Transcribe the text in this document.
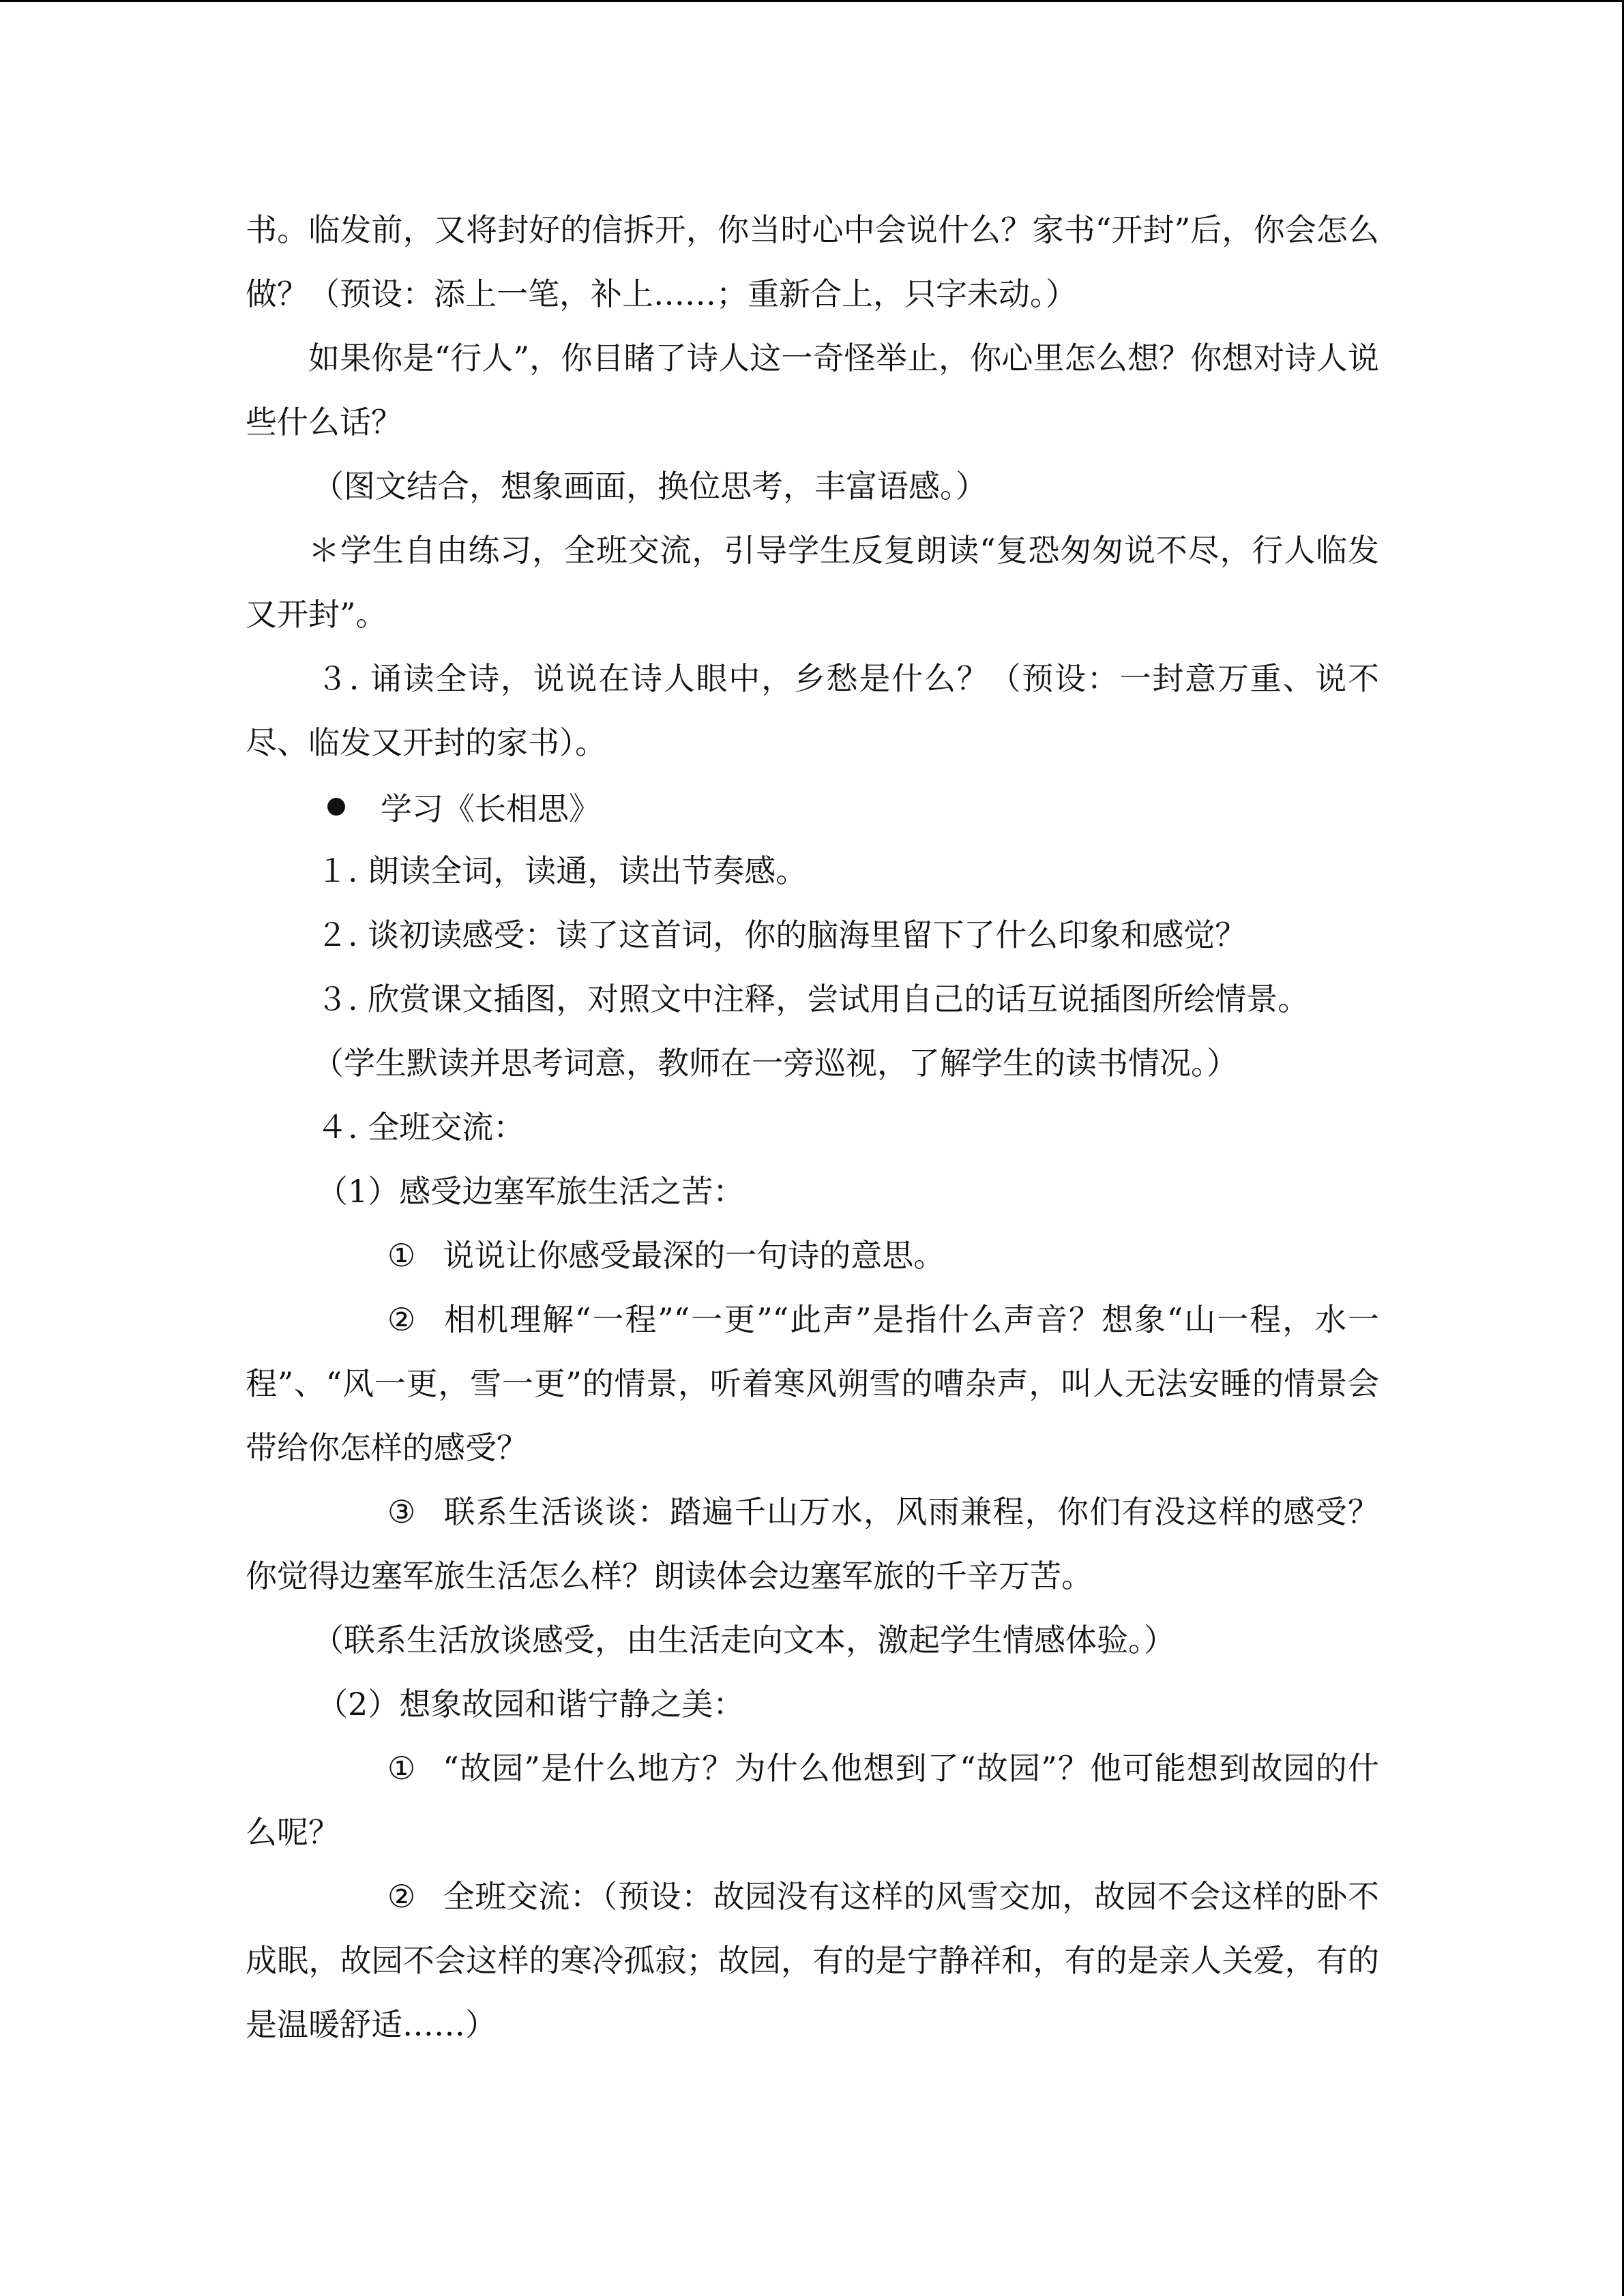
书。临发前，又将封好的信拆开，你当时心中会说什么？家书“开封”后，你会怎么做？（预设：添上一笔，补上……；重新合上，只字未动。）

如果你是“行人”，你目睹了诗人这一奇怪举止，你心里怎么想？你想对诗人说些什么话？

（图文结合，想象画面，换位思考，丰富语感。）

＊学生自由练习，全班交流，引导学生反复朗读“复恐匆匆说不尽，行人临发又开封”。

３. 诵读全诗，说说在诗人眼中，乡愁是什么？（预设：一封意万重、说不尽、临发又开封的家书）。

学习《长相思》

１. 朗读全词，读通，读出节奏感。

２. 谈初读感受：读了这首词，你的脑海里留下了什么印象和感觉？

３. 欣赏课文插图，对照文中注释，尝试用自己的话互说插图所绘情景。

（学生默读并思考词意，教师在一旁巡视，了解学生的读书情况。）

４. 全班交流：

（1）感受边塞军旅生活之苦：

① 说说让你感受最深的一句诗的意思。

② 相机理解“一程”“一更”“此声”是指什么声音？想象“山一程，水一程”、“风一更，雪一更”的情景，听着寒风朔雪的嘈杂声，叫人无法安睡的情景会带给你怎样的感受？

③ 联系生活谈谈：踏遍千山万水，风雨兼程，你们有没这样的感受？你觉得边塞军旅生活怎么样？朗读体会边塞军旅的千辛万苦。

（联系生活放谈感受，由生活走向文本，激起学生情感体验。）

（2）想象故园和谐宁静之美：

① “故园”是什么地方？为什么他想到了“故园”？他可能想到故园的什么呢？

② 全班交流：（预设：故园没有这样的风雪交加，故园不会这样的卧不成眠，故园不会这样的寒冷孤寂；故园，有的是宁静祥和，有的是亲人关爱，有的是温暖舒适……）
